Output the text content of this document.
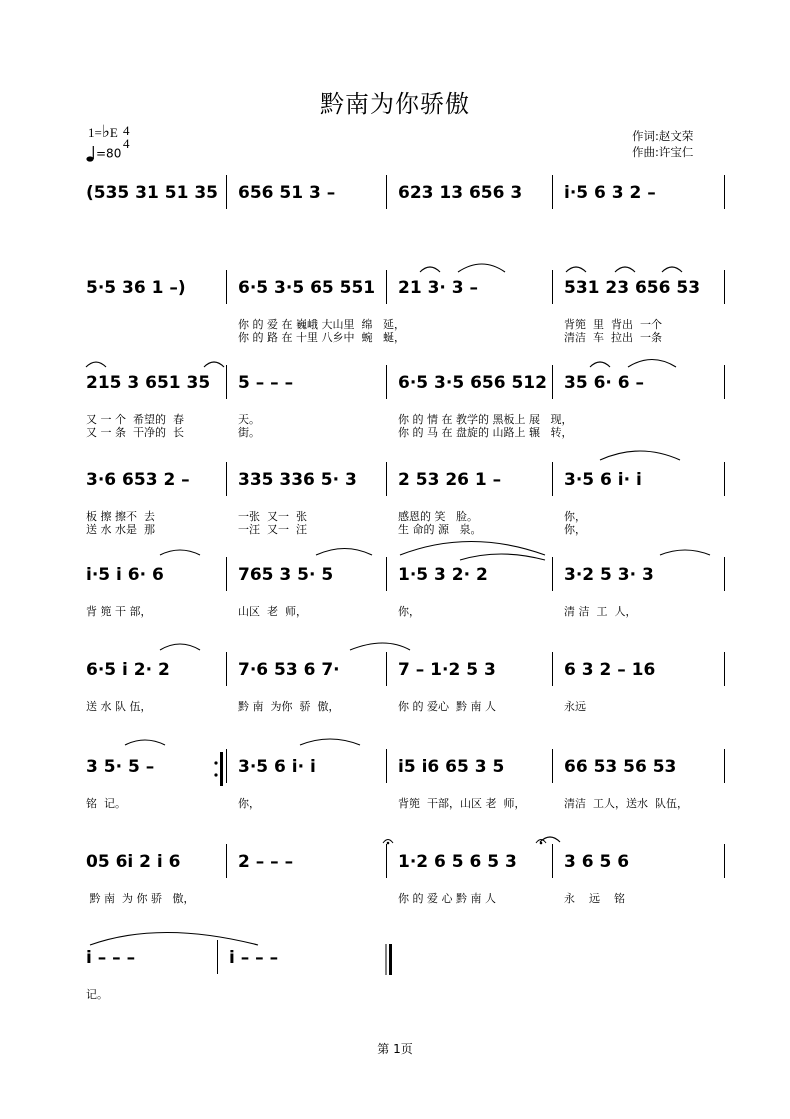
黔南为你骄傲
1=♭E 4
4
=80
作词:赵文荣
作曲:许宝仁
(535 31 51 35 656 51 3 –	623 13 656 3 i·5 6 3 2 –
5·5 36 1 –)	6·5 3·5 65 551 21 3· 3 –	531 23 656 53
你 的 爱 在 巍峨 大山里  绵   延，	背篼  里  背出  一个
你 的 路 在 十里 八乡中  蜿   蜒，	清洁  车  拉出  一条
215 3 651 35 5 – – –	6·5 3·5 656 512 35 6· 6 –
又 一 个  希望的  春	天。	你 的 情 在 教学的 黑板上 展   现，
又 一 条  干净的  长	街。	你 的 马 在 盘旋的 山路上 辗   转，
3·6 653 2 –	335 336 5· 3 2 53 26 1 –	3·5 6 i· i
板 擦 擦不  去	一张  又一  张	感恩的 笑   脸。	你，
送 水 水是  那	一汪  又一  汪	生 命的 源   泉。	你，
i·5 i 6· 6	765 3 5· 5	1·5 3 2· 2	3·2 5 3· 3
背 篼 干 部，	山区  老  师，	你，	清 洁  工  人，
6·5 i 2· 2	7·6 53 6 7·	7 – 1·2 5 3	6 3 2 – 16
送 水 队 伍，	黔 南  为你  骄  傲，	你 的 爱心  黔 南 人	永远
3 5· 5 –	3·5 6 i· i	i5 i6 65 3 5	66 53 56 53
铭  记。	你，	背篼  干部，山区 老  师，	清洁  工人，送水  队伍，
05 6i 2 i 6	2 – – –	1·2 6 5 6 5 3	3 6 5 6
黔 南  为 你 骄   傲，	你 的 爱 心 黔 南 人	永    远    铭
i – – –	i – – –
记。
第 1页
